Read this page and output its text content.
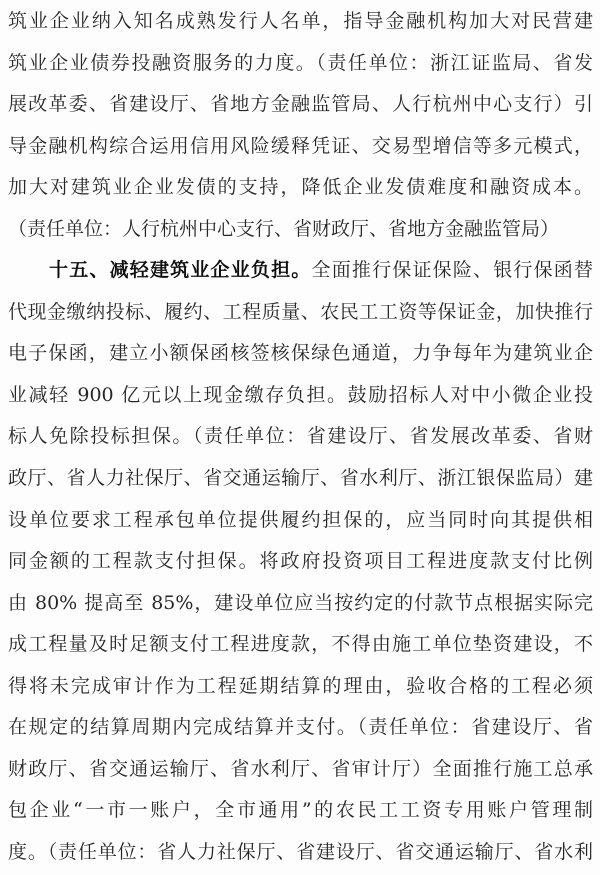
筑业企业纳入知名成熟发行人名单，指导金融机构加大对民营建
筑业企业债券投融资服务的力度。（责任单位：浙江证监局、省发
展改革委、省建设厅、省地方金融监管局、人行杭州中心支行）引
导金融机构综合运用信用风险缓释凭证、交易型增信等多元模式，
加大对建筑业企业发债的支持，降低企业发债难度和融资成本。
（责任单位：人行杭州中心支行、省财政厅、省地方金融监管局）
十五、减轻建筑业企业负担。全面推行保证保险、银行保函替
代现金缴纳投标、履约、工程质量、农民工工资等保证金，加快推行
电子保函，建立小额保函核签核保绿色通道，力争每年为建筑业企
业减轻 900 亿元以上现金缴存负担。鼓励招标人对中小微企业投
标人免除投标担保。（责任单位：省建设厅、省发展改革委、省财
政厅、省人力社保厅、省交通运输厅、省水利厅、浙江银保监局）建
设单位要求工程承包单位提供履约担保的，应当同时向其提供相
同金额的工程款支付担保。将政府投资项目工程进度款支付比例
由 80% 提高至 85%，建设单位应当按约定的付款节点根据实际完
成工程量及时足额支付工程进度款，不得由施工单位垫资建设，不
得将未完成审计作为工程延期结算的理由，验收合格的工程必须
在规定的结算周期内完成结算并支付。（责任单位：省建设厅、省
财政厅、省交通运输厅、省水利厅、省审计厅）全面推行施工总承
包企业“一市一账户，全市通用”的农民工工资专用账户管理制
度。（责任单位：省人力社保厅、省建设厅、省交通运输厅、省水利
